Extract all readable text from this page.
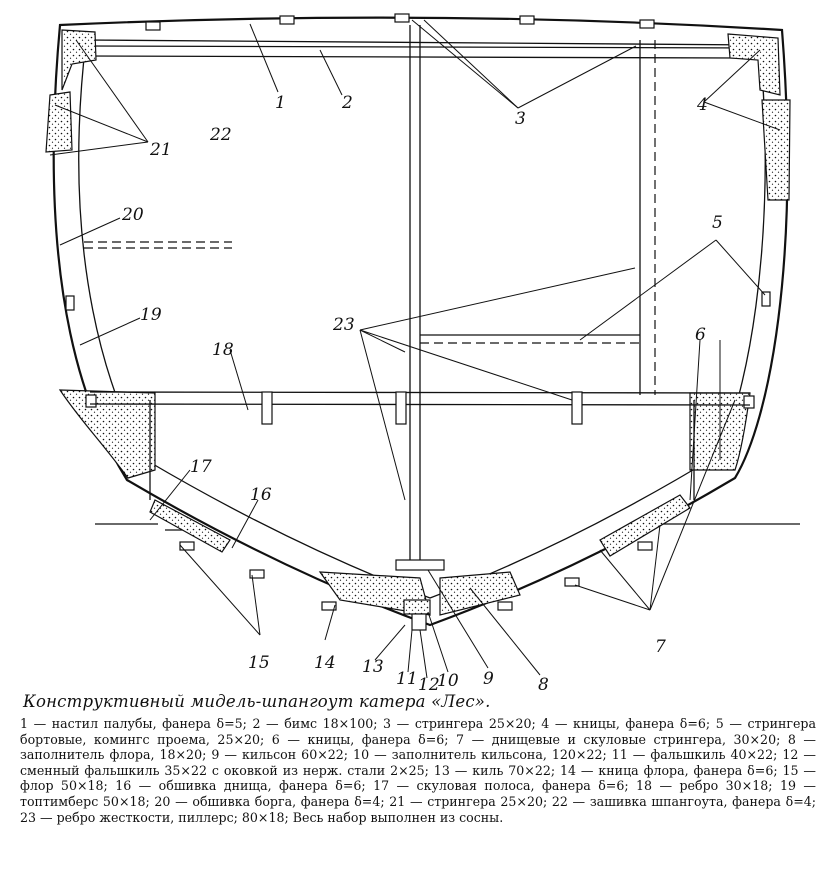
1	2
3
4
5
6
7
8
9
10
11 12
13
14
15
16
17
18
19
20
21
22
23

Конструктивный мидель-шпангоут катера «Лес».

1 — настил палубы, фанера δ=5; 2 — бимс 18×100; 3 — стрингера 25×20; 4 — кницы, фанера δ=6; 5 — стрингера бортовые, комингс проема, 25×20; 6 — кницы, фанера δ=6; 7 — днищевые и скуловые стрингера, 30×20; 8 — заполнитель флора, 18×20; 9 — кильсон 60×22; 10 — заполнитель кильсона, 120×22; 11 — фальшкиль 40×22; 12 — сменный фальшкиль 35×22 с оковкой из нерж. стали 2×25; 13 — киль 70×22; 14 — кница флора, фанера δ=6; 15 — флор 50×18; 16 — обшивка днища, фанера δ=6; 17 — скуловая полоса, фанера δ=6; 18 — ребро 30×18; 19 — топтимберс 50×18; 20 — обшивка борга, фанера δ=4; 21 — стрингера 25×20; 22 — зашивка шпангоута, фанера δ=4; 23 — ребро жесткости, пиллерс; 80×18; Весь набор выполнен из сосны.
